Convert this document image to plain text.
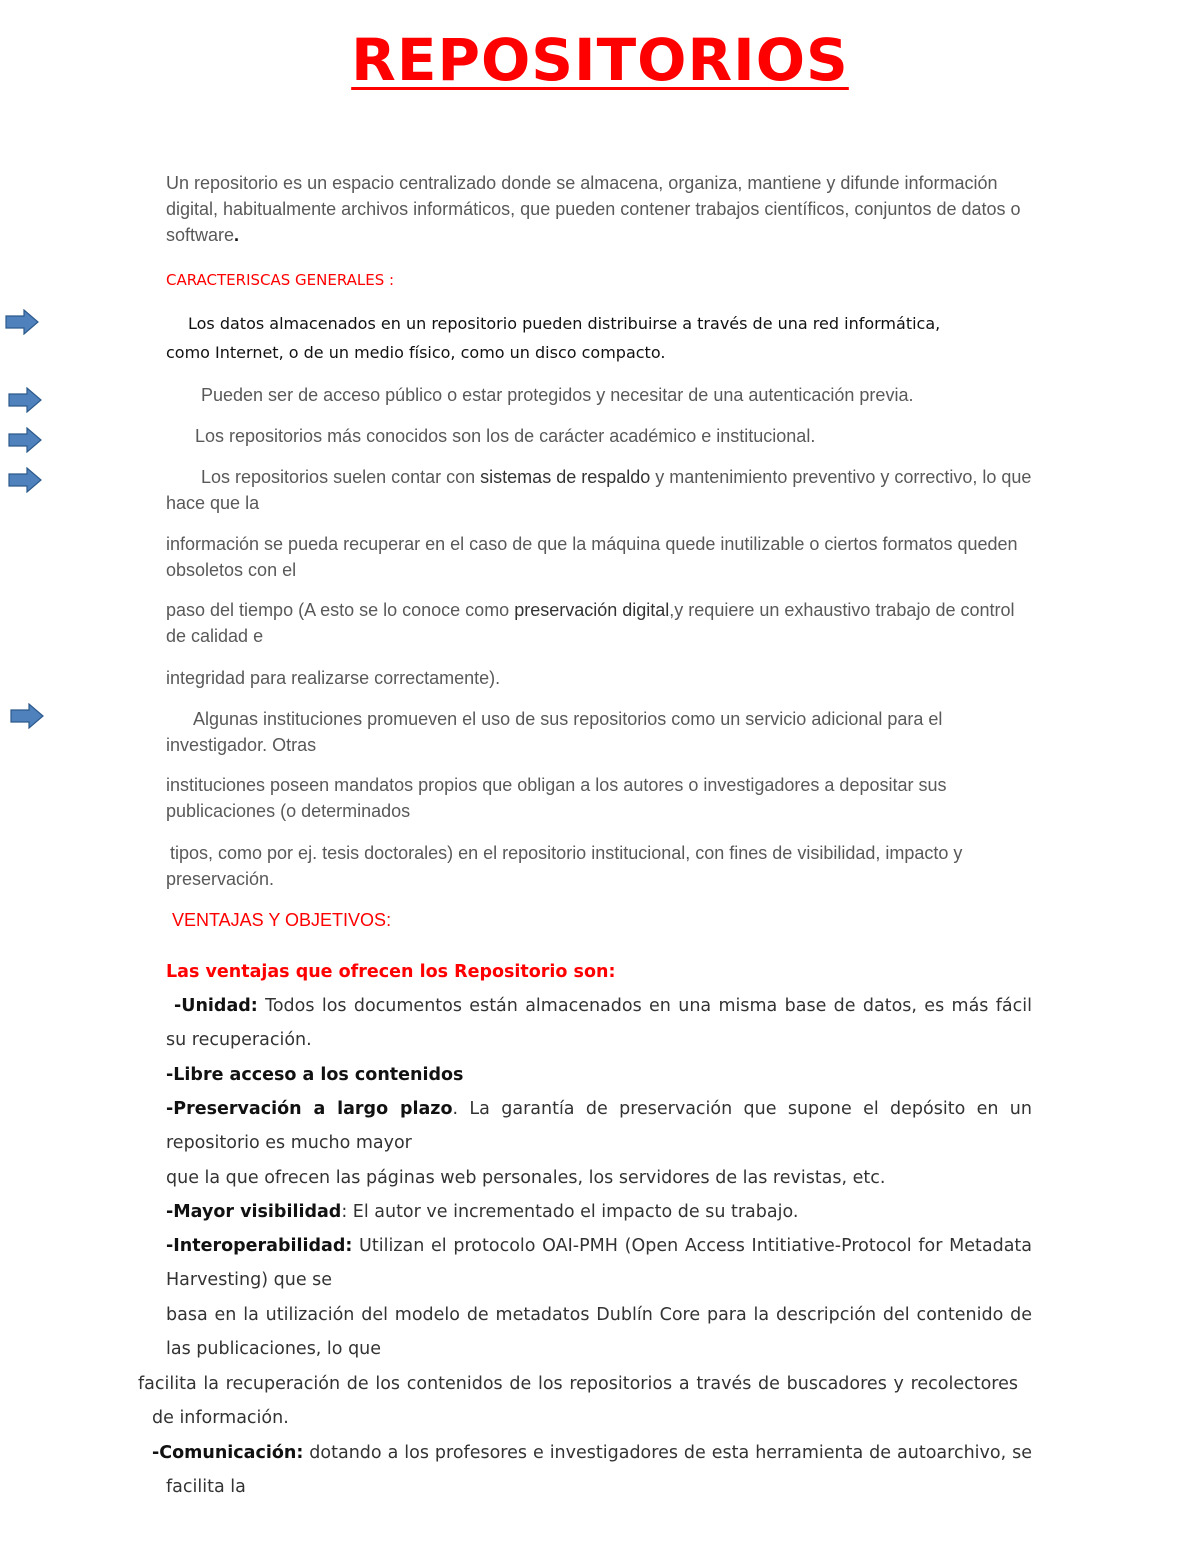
REPOSITORIOS

Un repositorio es un espacio centralizado donde se almacena, organiza, mantiene y difunde información digital, habitualmente archivos informáticos, que pueden contener trabajos científicos, conjuntos de datos o software.

CARACTERISCAS GENERALES :

Los datos almacenados en un repositorio pueden distribuirse a través de una red informática,

como Internet, o de un medio físico, como un disco compacto.

Pueden ser de acceso público o estar protegidos y necesitar de una autenticación previa.

Los repositorios más conocidos son los de carácter académico e institucional.

Los repositorios suelen contar con sistemas de respaldo y mantenimiento preventivo y correctivo, lo que hace que la

información se pueda recuperar en el caso de que la máquina quede inutilizable o ciertos formatos queden obsoletos con el

paso del tiempo (A esto se lo conoce como preservación digital,y requiere un exhaustivo trabajo de control de calidad e

integridad para realizarse correctamente).

Algunas instituciones promueven el uso de sus repositorios como un servicio adicional para el investigador. Otras

instituciones poseen mandatos propios que obligan a los autores o investigadores a depositar sus publicaciones (o determinados

tipos, como por ej. tesis doctorales) en el repositorio institucional, con fines de visibilidad, impacto y preservación.

VENTAJAS Y OBJETIVOS:

Las ventajas que ofrecen los Repositorio son:

-Unidad: Todos los documentos están almacenados en una misma base de datos, es más fácil su recuperación.

-Libre acceso a los contenidos

-Preservación a largo plazo. La garantía de preservación que supone el depósito en un repositorio es mucho mayor

que la que ofrecen las páginas web personales, los servidores de las revistas, etc.

-Mayor visibilidad: El autor ve incrementado el impacto de su trabajo.

-Interoperabilidad: Utilizan el protocolo OAI-PMH (Open Access Intitiative-Protocol for Metadata Harvesting) que se

basa en la utilización del modelo de metadatos Dublín Core para la descripción del contenido de las publicaciones, lo que

facilita la recuperación de los contenidos de los repositorios a través de buscadores y recolectores de información.

-Comunicación: dotando a los profesores e investigadores de esta herramienta de autoarchivo, se facilita la
